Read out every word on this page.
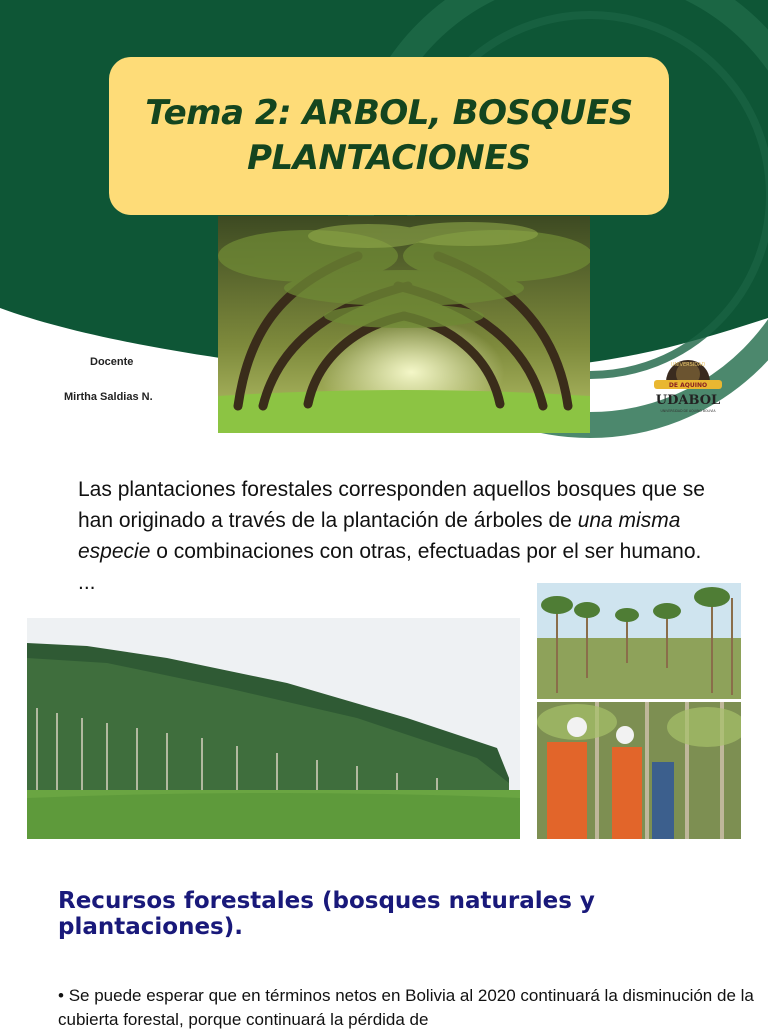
Tema 2: ARBOL, BOSQUES
PLANTACIONES
Docente
Mirtha Saldias N.
DE AQUINO
UDABOL
UNIVERSIDAD DE AQUINO BOLIVIA
UNIVERSIDAD
Las plantaciones forestales corresponden aquellos bosques que se han originado a través de la plantación de árboles de una misma especie o combinaciones con otras, efectuadas por el ser humano. ...
Recursos forestales (bosques naturales y plantaciones).
• Se puede esperar que en términos netos en Bolivia al 2020 continuará la disminución de la cubierta forestal, porque continuará la pérdida de
